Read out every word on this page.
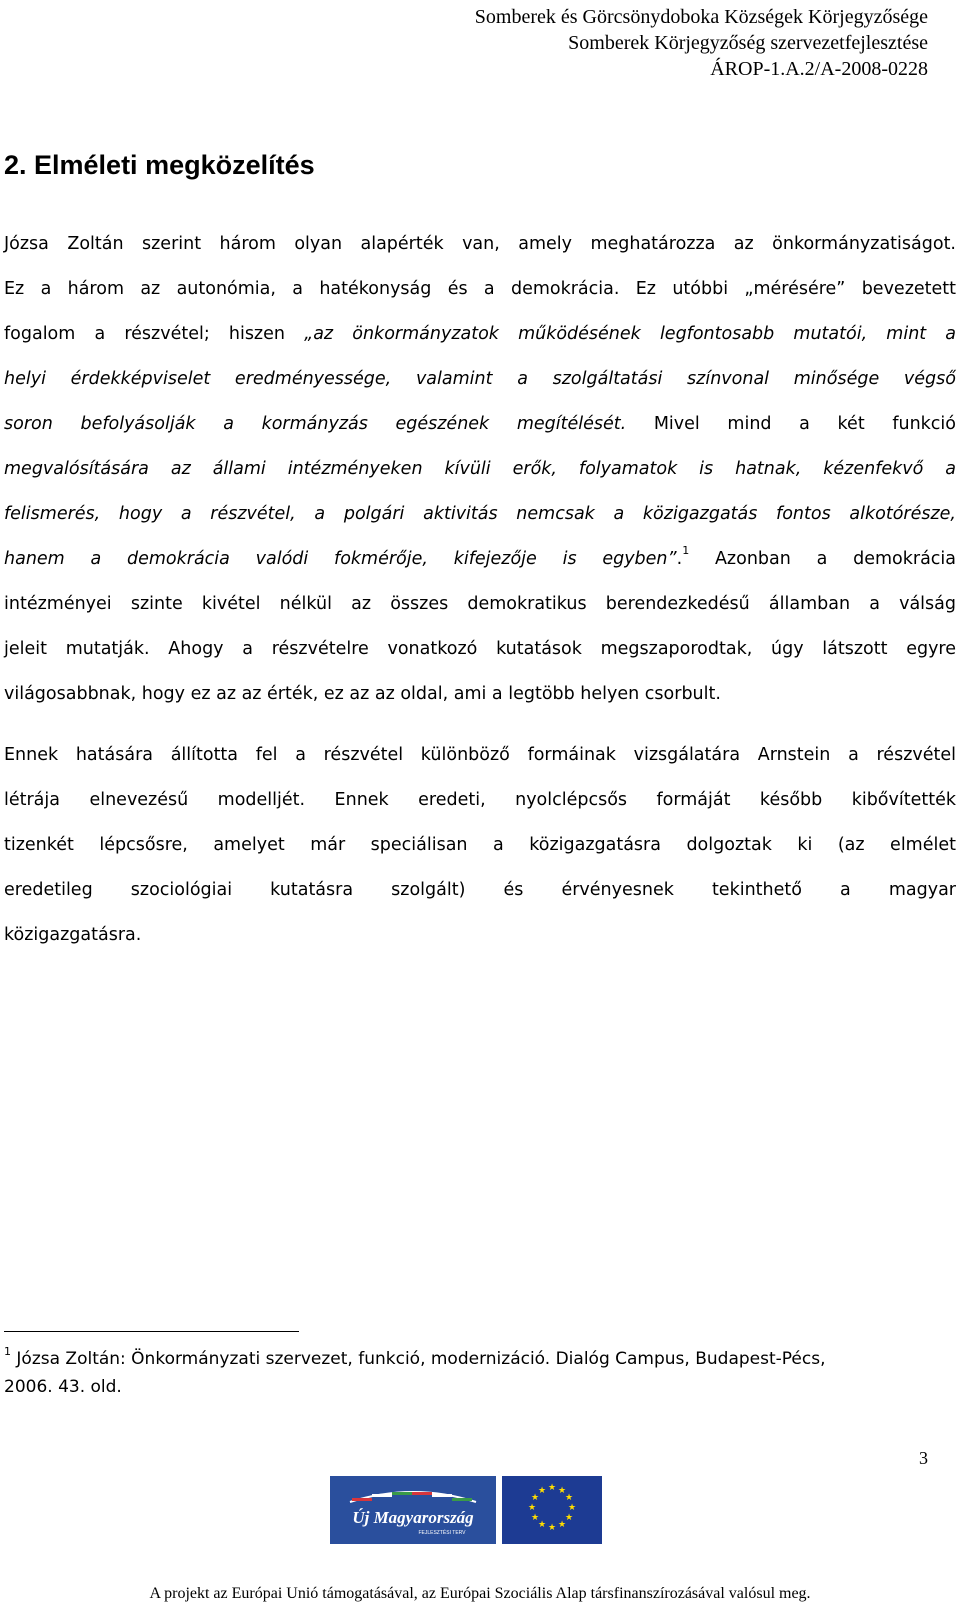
Somberek és Görcsönydoboka Községek Körjegyzősége
Somberek Körjegyzőség szervezetfejlesztése
ÁROP-1.A.2/A-2008-0228
2. Elméleti megközelítés
Józsa Zoltán szerint három olyan alapérték van, amely meghatározza az önkormányzatiságot.
Ez a három az autonómia, a hatékonyság és a demokrácia. Ez utóbbi „mérésére” bevezetett
fogalom a részvétel; hiszen „az önkormányzatok működésének legfontosabb mutatói, mint a
helyi érdekképviselet eredményessége, valamint a szolgáltatási színvonal minősége végső
soron befolyásolják a kormányzás egészének megítélését. Mivel mind a két funkció
megvalósítására az állami intézményeken kívüli erők, folyamatok is hatnak, kézenfekvő a
felismerés, hogy a részvétel, a polgári aktivitás nemcsak a közigazgatás fontos alkotórésze,
hanem a demokrácia valódi fokmérője, kifejezője is egyben”.$^1$ Azonban a demokrácia
intézményei szinte kivétel nélkül az összes demokratikus berendezkedésű államban a válság
jeleit mutatják. Ahogy a részvételre vonatkozó kutatások megszaporodtak, úgy látszott egyre
világosabbnak, hogy ez az az érték, ez az az oldal, ami a legtöbb helyen csorbult.
Ennek hatására állította fel a részvétel különböző formáinak vizsgálatára Arnstein a részvétel
létrája elnevezésű modelljét. Ennek eredeti, nyolclépcsős formáját később kibővítették
tizenkét lépcsősre, amelyet már speciálisan a közigazgatásra dolgoztak ki (az elmélet
eredetileg szociológiai kutatásra szolgált) és érvényesnek tekinthető a magyar
közigazgatásra.
$^1$ Józsa Zoltán: Önkormányzati szervezet, funkció, modernizáció. Dialóg Campus, Budapest-Pécs,
2006. 43. old.
3
Új Magyarország
FEJLESZTÉSI TERV
★ ★
★
★
★
★
★
★
★
★
★
★
A projekt az Európai Unió támogatásával, az Európai Szociális Alap társfinanszírozásával valósul meg.
